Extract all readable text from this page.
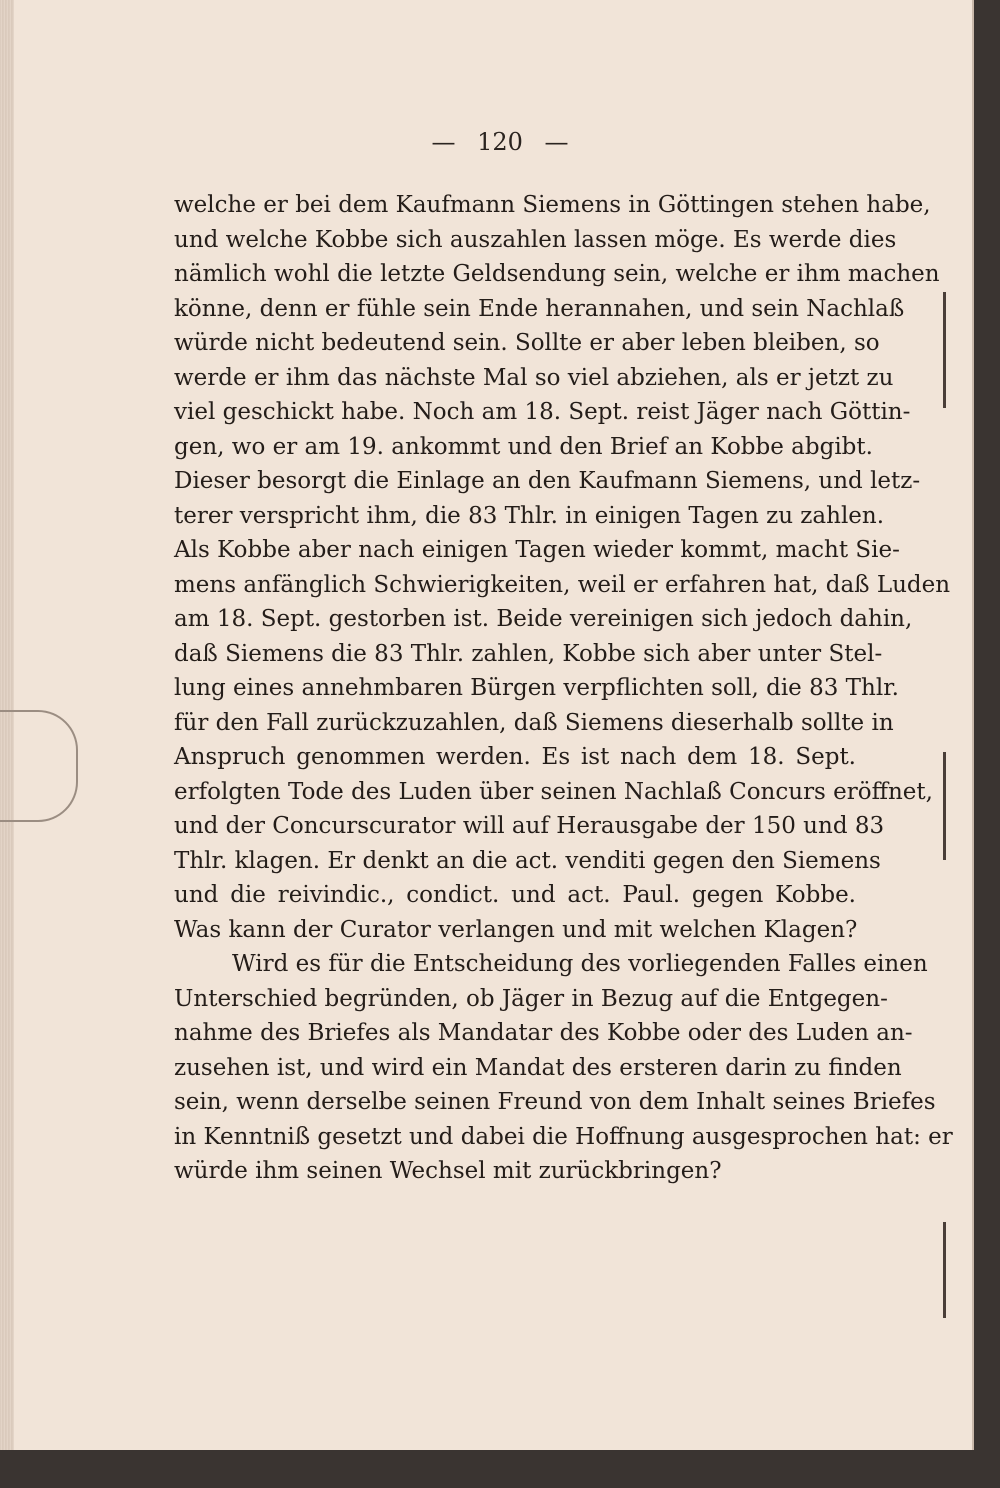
— 120 —
welche er bei dem Kaufmann Siemens in Göttingen stehen habe,
und welche Kobbe sich auszahlen lassen möge. Es werde dies
nämlich wohl die letzte Geldsendung sein, welche er ihm machen
könne, denn er fühle sein Ende herannahen, und sein Nachlaß
würde nicht bedeutend sein. Sollte er aber leben bleiben, so
werde er ihm das nächste Mal so viel abziehen, als er jetzt zu
viel geschickt habe. Noch am 18. Sept. reist Jäger nach Göttin-
gen, wo er am 19. ankommt und den Brief an Kobbe abgibt.
Dieser besorgt die Einlage an den Kaufmann Siemens, und letz-
terer verspricht ihm, die 83 Thlr. in einigen Tagen zu zahlen.
Als Kobbe aber nach einigen Tagen wieder kommt, macht Sie-
mens anfänglich Schwierigkeiten, weil er erfahren hat, daß Luden
am 18. Sept. gestorben ist. Beide vereinigen sich jedoch dahin,
daß Siemens die 83 Thlr. zahlen, Kobbe sich aber unter Stel-
lung eines annehmbaren Bürgen verpflichten soll, die 83 Thlr.
für den Fall zurückzuzahlen, daß Siemens dieserhalb sollte in
Anspruch genommen werden. Es ist nach dem 18. Sept.
erfolgten Tode des Luden über seinen Nachlaß Concurs eröffnet,
und der Concurscurator will auf Herausgabe der 150 und 83
Thlr. klagen. Er denkt an die act. venditi gegen den Siemens
und die reivindic., condict. und act. Paul. gegen Kobbe.
Was kann der Curator verlangen und mit welchen Klagen?
Wird es für die Entscheidung des vorliegenden Falles einen
Unterschied begründen, ob Jäger in Bezug auf die Entgegen-
nahme des Briefes als Mandatar des Kobbe oder des Luden an-
zusehen ist, und wird ein Mandat des ersteren darin zu finden
sein, wenn derselbe seinen Freund von dem Inhalt seines Briefes
in Kenntniß gesetzt und dabei die Hoffnung ausgesprochen hat: er
würde ihm seinen Wechsel mit zurückbringen?
